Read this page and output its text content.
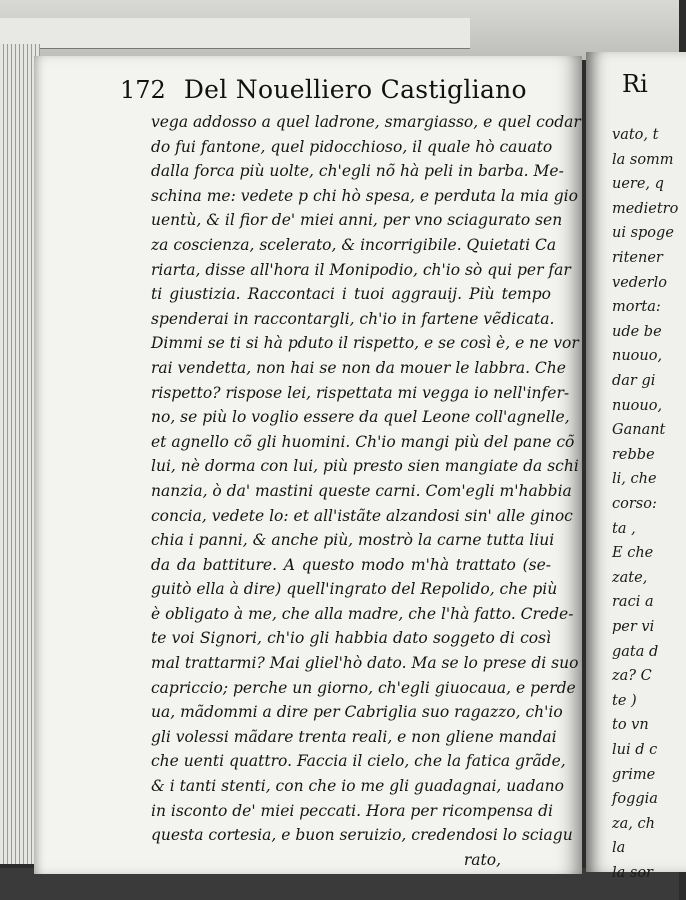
172 Del Nouelliero Castigliano
vega addosso a quel ladrone, smargiasso, e quel codar
do fui fantone, quel pidocchioso, il quale hò cauato
dalla forca più uolte, ch'egli nõ hà peli in barba. Me-
schina me: vedete p chi hò spesa, e perduta la mia gio
uentù, & il fior de' miei anni, per vno sciagurato sen
za coscienza, scelerato, & incorrigibile. Quietati Ca
riarta, disse all'hora il Monipodio, ch'io sò qui per far
ti giustizia. Raccontaci i tuoi aggrauij. Più tempo
spenderai in raccontargli, ch'io in fartene vẽdicata.
Dimmi se ti si hà pduto il rispetto, e se così è, e ne vor
rai vendetta, non hai se non da mouer le labbra. Che
rispetto? rispose lei, rispettata mi vegga io nell'infer-
no, se più lo voglio essere da quel Leone coll'agnelle,
et agnello cõ gli huomini. Ch'io mangi più del pane cõ
lui, nè dorma con lui, più presto sien mangiate da schi
nanzia, ò da' mastini queste carni. Com'egli m'habbia
concia, vedete lo: et all'istãte alzandosi sin' alle ginoc
chia i panni, & anche più, mostrò la carne tutta liui
da da battiture. A questo modo m'hà trattato (se-
guitò ella à dire) quell'ingrato del Repolido, che più
è obligato à me, che alla madre, che l'hà fatto. Crede-
te voi Signori, ch'io gli habbia dato soggeto di così
mal trattarmi? Mai gliel'hò dato. Ma se lo prese di suo
capriccio; perche un giorno, ch'egli giuocaua, e perde
ua, mãdommi a dire per Cabriglia suo ragazzo, ch'io
gli volessi mãdare trenta reali, e non gliene mandai
che uenti quattro. Faccia il cielo, che la fatica grãde,
& i tanti stenti, con che io me gli guadagnai, uadano
in isconto de' miei peccati. Hora per ricompensa di
questa cortesia, e buon seruizio, credendosi lo sciagu
rato,
Ri
vato, t
la somm
uere, q
medietro
ui spoge
ritener
vederlo
morta:
ude be
nuouo,
dar gi
nuouo,
Ganant
rebbe
li, che
corso:
ta ,
E che
zate,
raci a
per vi
gata d
za? C
te )
to vn
lui d c
grime
foggia
za, ch
la
la sor
